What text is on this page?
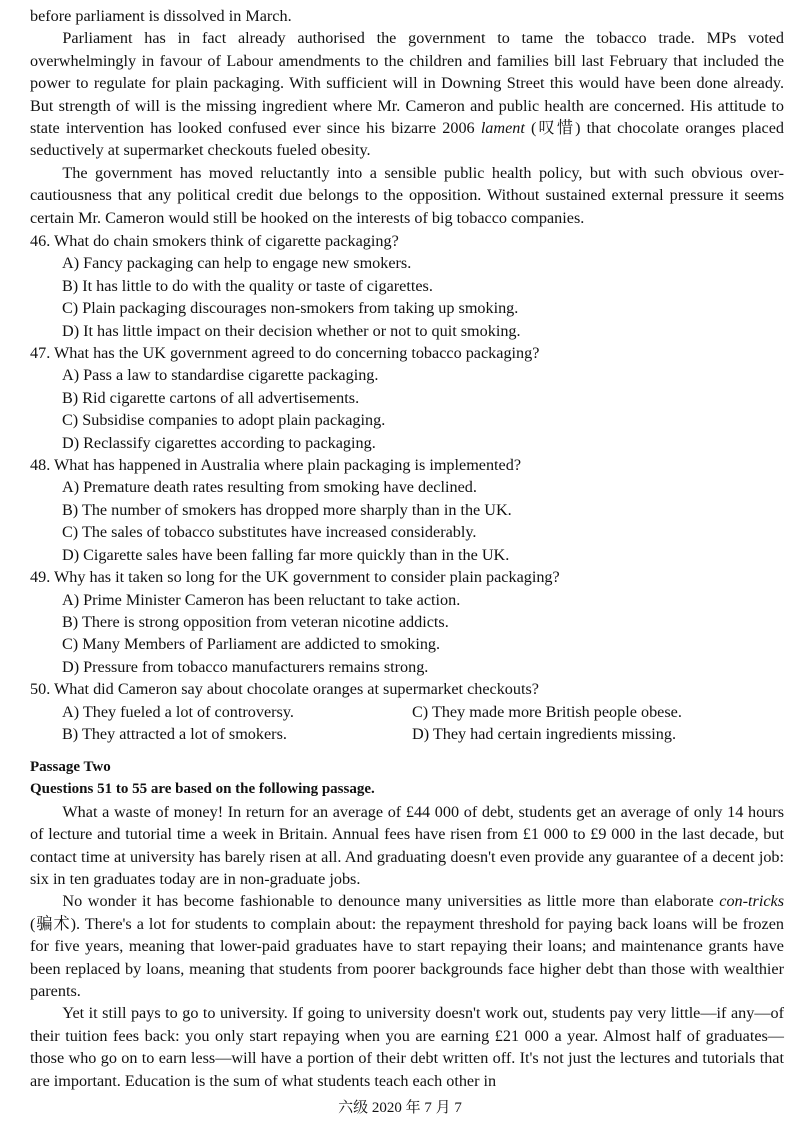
before parliament is dissolved in March.

Parliament has in fact already authorised the government to tame the tobacco trade. MPs voted overwhelmingly in favour of Labour amendments to the children and families bill last February that included the power to regulate for plain packaging. With sufficient will in Downing Street this would have been done already. But strength of will is the missing ingredient where Mr. Cameron and public health are concerned. His attitude to state intervention has looked confused ever since his bizarre 2006 lament (叹惜) that chocolate oranges placed seductively at supermarket checkouts fueled obesity.

The government has moved reluctantly into a sensible public health policy, but with such obvious over-cautiousness that any political credit due belongs to the opposition. Without sustained external pressure it seems certain Mr. Cameron would still be hooked on the interests of big tobacco companies.

46. What do chain smokers think of cigarette packaging?

A) Fancy packaging can help to engage new smokers.

B) It has little to do with the quality or taste of cigarettes.

C) Plain packaging discourages non-smokers from taking up smoking.

D) It has little impact on their decision whether or not to quit smoking.

47. What has the UK government agreed to do concerning tobacco packaging?

A) Pass a law to standardise cigarette packaging.

B) Rid cigarette cartons of all advertisements.

C) Subsidise companies to adopt plain packaging.

D) Reclassify cigarettes according to packaging.

48. What has happened in Australia where plain packaging is implemented?

A) Premature death rates resulting from smoking have declined.

B) The number of smokers has dropped more sharply than in the UK.

C) The sales of tobacco substitutes have increased considerably.

D) Cigarette sales have been falling far more quickly than in the UK.

49. Why has it taken so long for the UK government to consider plain packaging?

A) Prime Minister Cameron has been reluctant to take action.

B) There is strong opposition from veteran nicotine addicts.

C) Many Members of Parliament are addicted to smoking.

D) Pressure from tobacco manufacturers remains strong.

50. What did Cameron say about chocolate oranges at supermarket checkouts?

A) They fueled a lot of controversy.	C) They made more British people obese.
B) They attracted a lot of smokers.	D) They had certain ingredients missing.

Passage Two

Questions 51 to 55 are based on the following passage.

What a waste of money! In return for an average of £44 000 of debt, students get an average of only 14 hours of lecture and tutorial time a week in Britain. Annual fees have risen from £1 000 to £9 000 in the last decade, but contact time at university has barely risen at all. And graduating doesn't even provide any guarantee of a decent job: six in ten graduates today are in non-graduate jobs.

No wonder it has become fashionable to denounce many universities as little more than elaborate con-tricks (骗术). There's a lot for students to complain about: the repayment threshold for paying back loans will be frozen for five years, meaning that lower-paid graduates have to start repaying their loans; and maintenance grants have been replaced by loans, meaning that students from poorer backgrounds face higher debt than those with wealthier parents.

Yet it still pays to go to university. If going to university doesn't work out, students pay very little—if any—of their tuition fees back: you only start repaying when you are earning £21 000 a year. Almost half of graduates—those who go on to earn less—will have a portion of their debt written off. It's not just the lectures and tutorials that are important. Education is the sum of what students teach each other in

六级 2020 年 7 月 7
